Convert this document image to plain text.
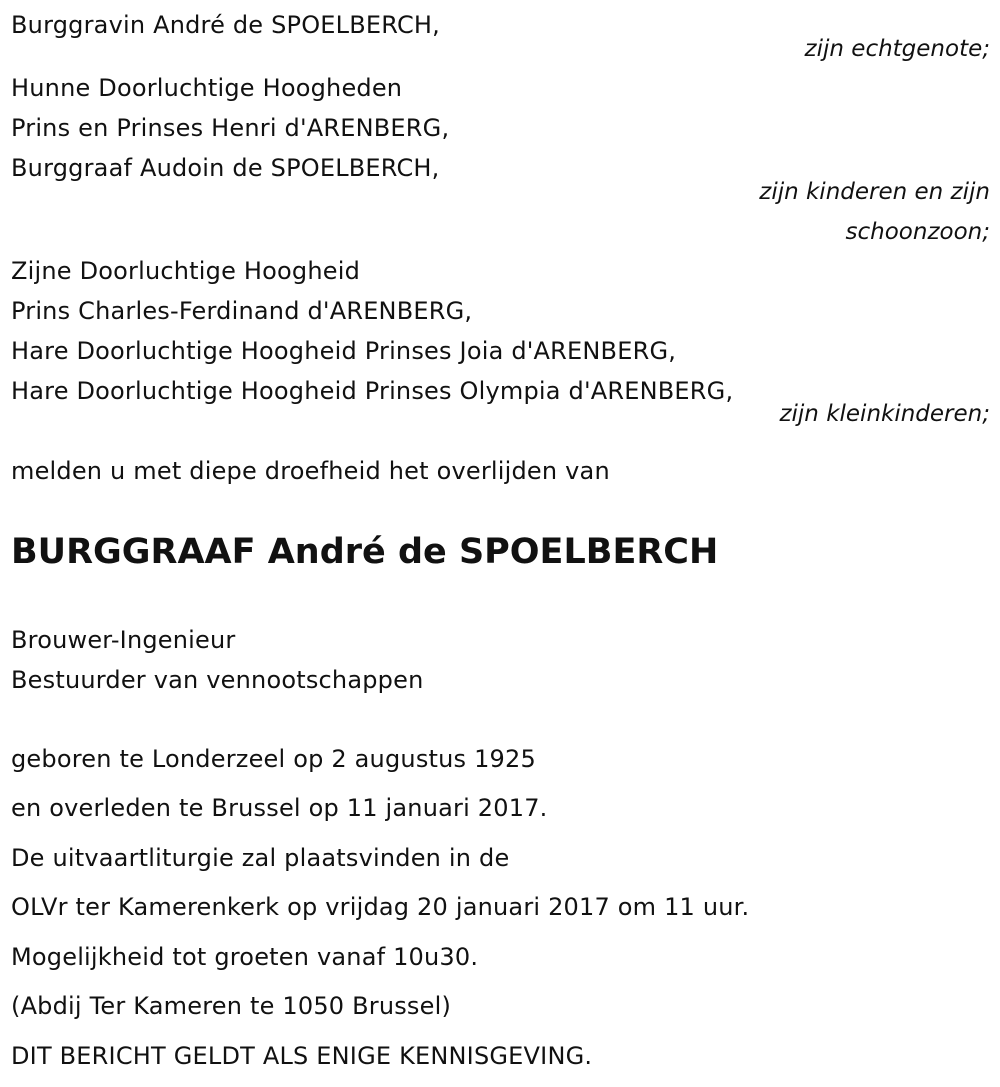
Burggravin André de SPOELBERCH,
zijn echtgenote;
Hunne Doorluchtige Hoogheden
Prins en Prinses Henri d'ARENBERG,
Burggraaf Audoin de SPOELBERCH,
zijn kinderen en zijn
schoonzoon;
Zijne Doorluchtige Hoogheid
Prins Charles-Ferdinand d'ARENBERG,
Hare Doorluchtige Hoogheid Prinses Joia d'ARENBERG,
Hare Doorluchtige Hoogheid Prinses Olympia d'ARENBERG,
zijn kleinkinderen;
melden u met diepe droefheid het overlijden van
BURGGRAAF André de SPOELBERCH
Brouwer-Ingenieur
Bestuurder van vennootschappen
geboren te Londerzeel op 2 augustus 1925
en overleden te Brussel op 11 januari 2017.
De uitvaartliturgie zal plaatsvinden in de
OLVr ter Kamerenkerk op vrijdag 20 januari 2017 om 11 uur.
Mogelijkheid tot groeten vanaf 10u30.
(Abdij Ter Kameren te 1050 Brussel)
DIT BERICHT GELDT ALS ENIGE KENNISGEVING.
